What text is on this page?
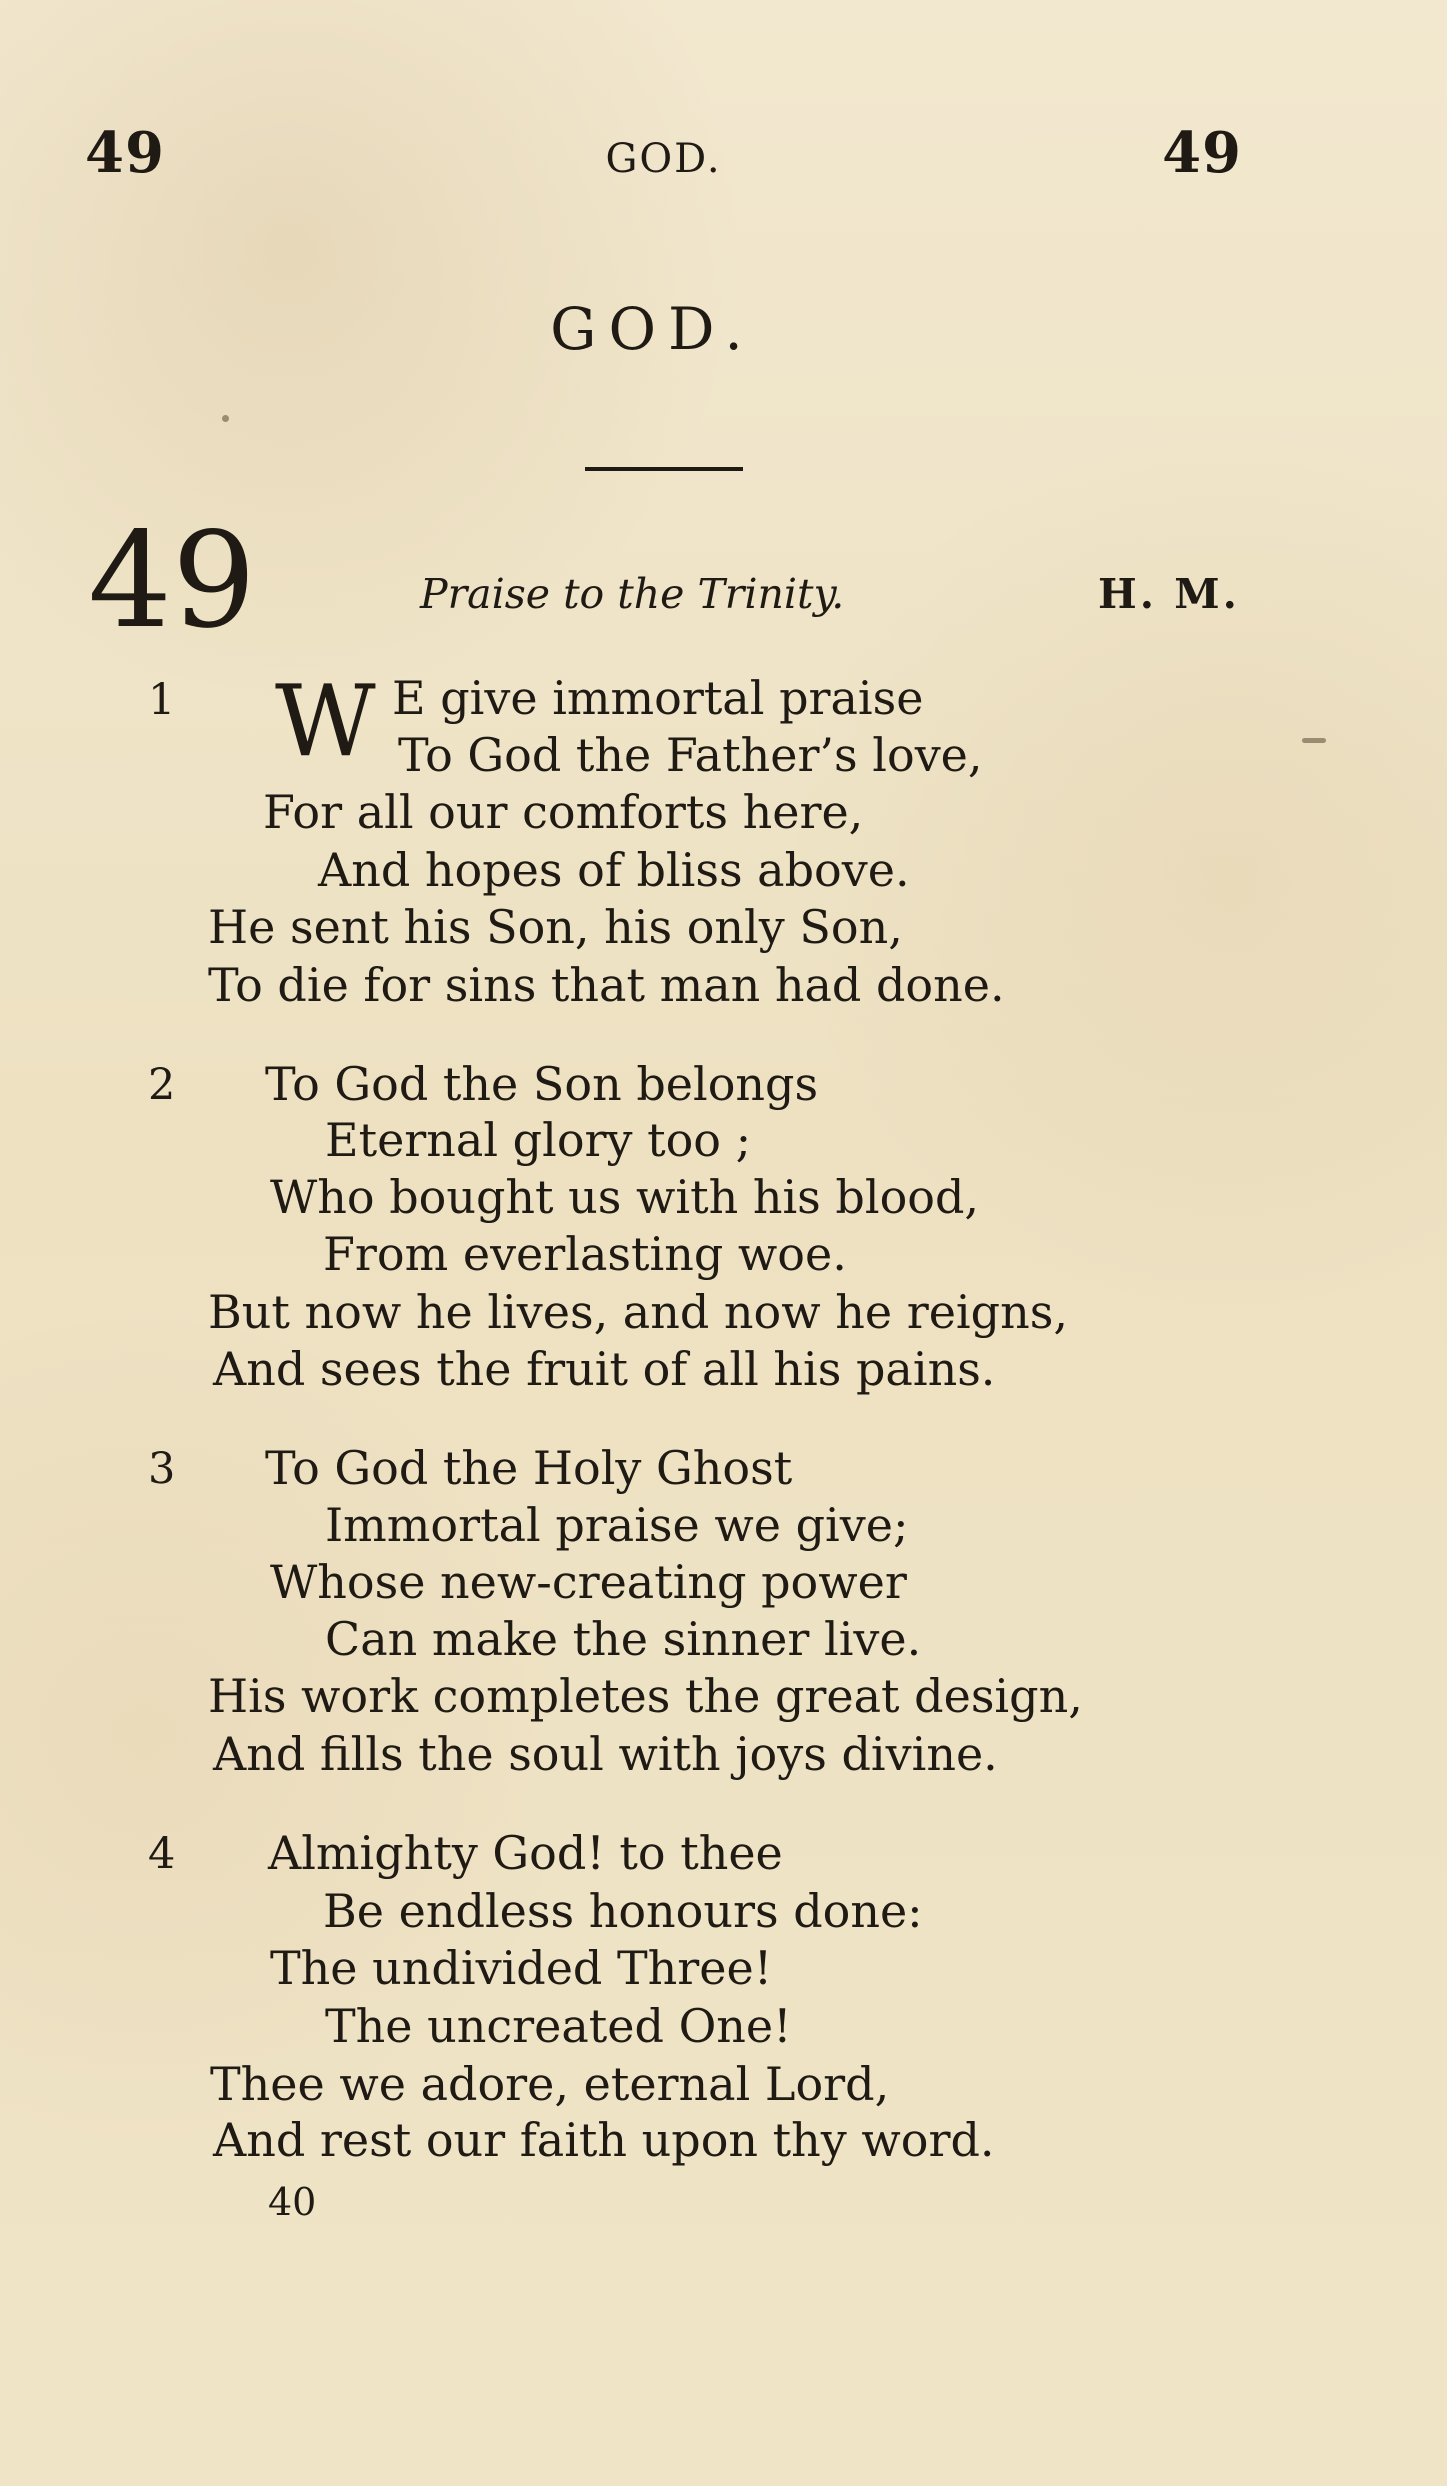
49	GOD.	49
GOD.
49	Praise to the Trinity.	H. M.
1 W E give immortal praise
To God the Father’s love,
For all our comforts here,
And hopes of bliss above.
He sent his Son, his only Son,
To die for sins that man had done.
2 To God the Son belongs
Eternal glory too ;
Who bought us with his blood,
From everlasting woe.
But now he lives, and now he reigns,
And sees the fruit of all his pains.
3 To God the Holy Ghost
Immortal praise we give;
Whose new-creating power
Can make the sinner live.
His work completes the great design,
And fills the soul with joys divine.
4 Almighty God! to thee
Be endless honours done:
The undivided Three!
The uncreated One!
Thee we adore, eternal Lord,
And rest our faith upon thy word.
40
